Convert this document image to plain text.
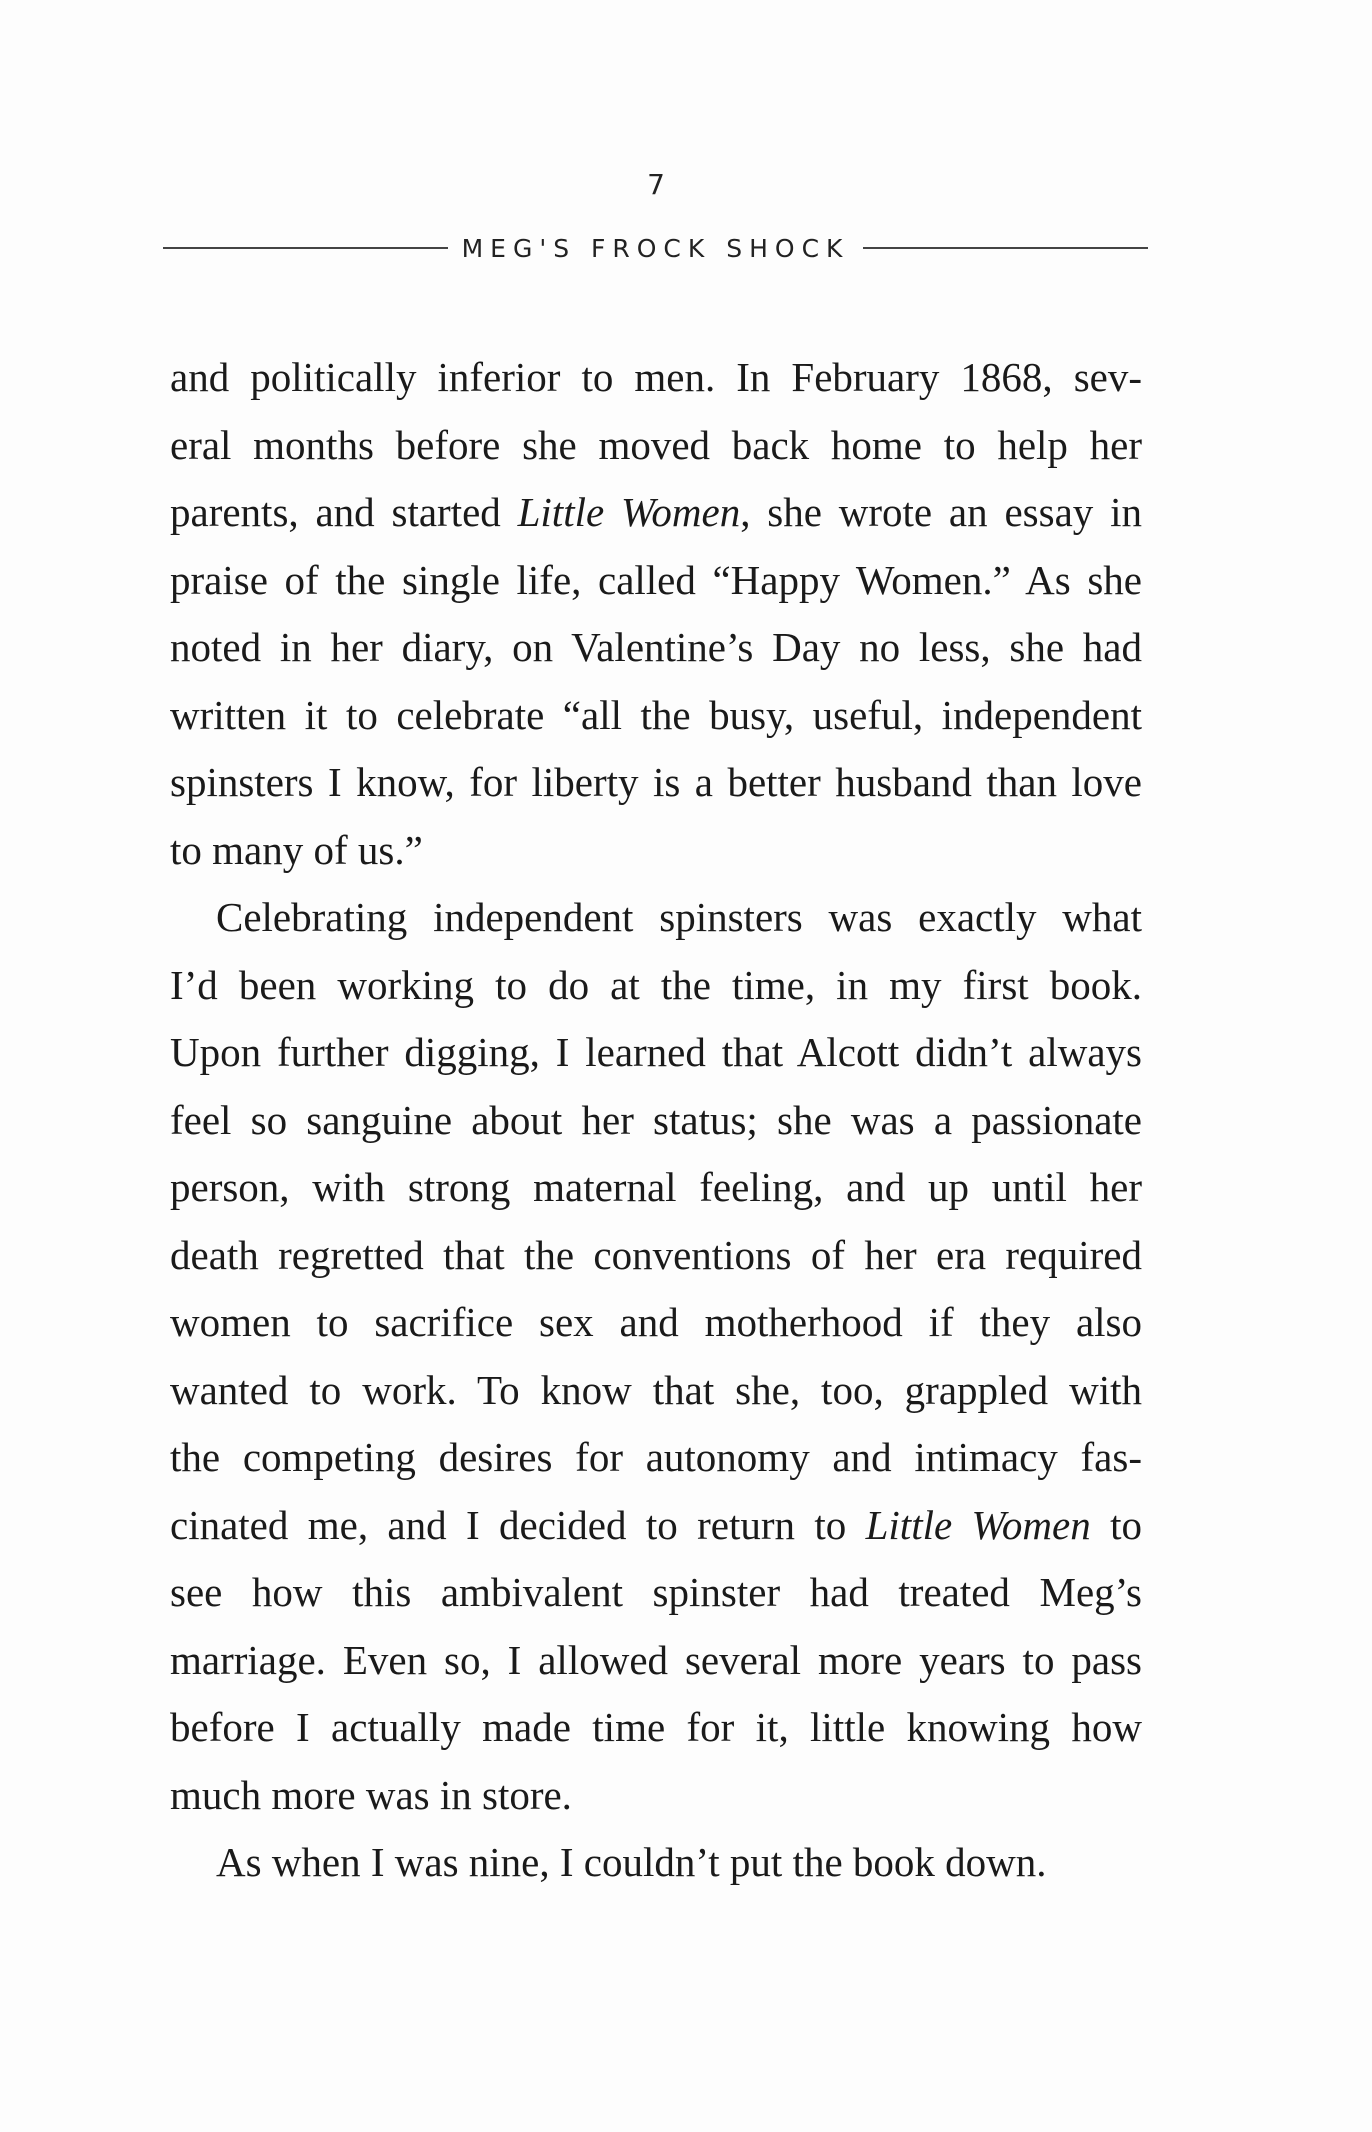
7
MEG'S FROCK SHOCK
and politically inferior to men. In February 1868, sev-
eral months before she moved back home to help her
parents, and started Little Women, she wrote an essay in
praise of the single life, called “Happy Women.” As she
noted in her diary, on Valentine’s Day no less, she had
written it to celebrate “all the busy, useful, independent
spinsters I know, for liberty is a better husband than love
to many of us.”
Celebrating independent spinsters was exactly what
I’d been working to do at the time, in my first book.
Upon further digging, I learned that Alcott didn’t always
feel so sanguine about her status; she was a passionate
person, with strong maternal feeling, and up until her
death regretted that the conventions of her era required
women to sacrifice sex and motherhood if they also
wanted to work. To know that she, too, grappled with
the competing desires for autonomy and intimacy fas-
cinated me, and I decided to return to Little Women to
see how this ambivalent spinster had treated Meg’s
marriage. Even so, I allowed several more years to pass
before I actually made time for it, little knowing how
much more was in store.
As when I was nine, I couldn’t put the book down.
